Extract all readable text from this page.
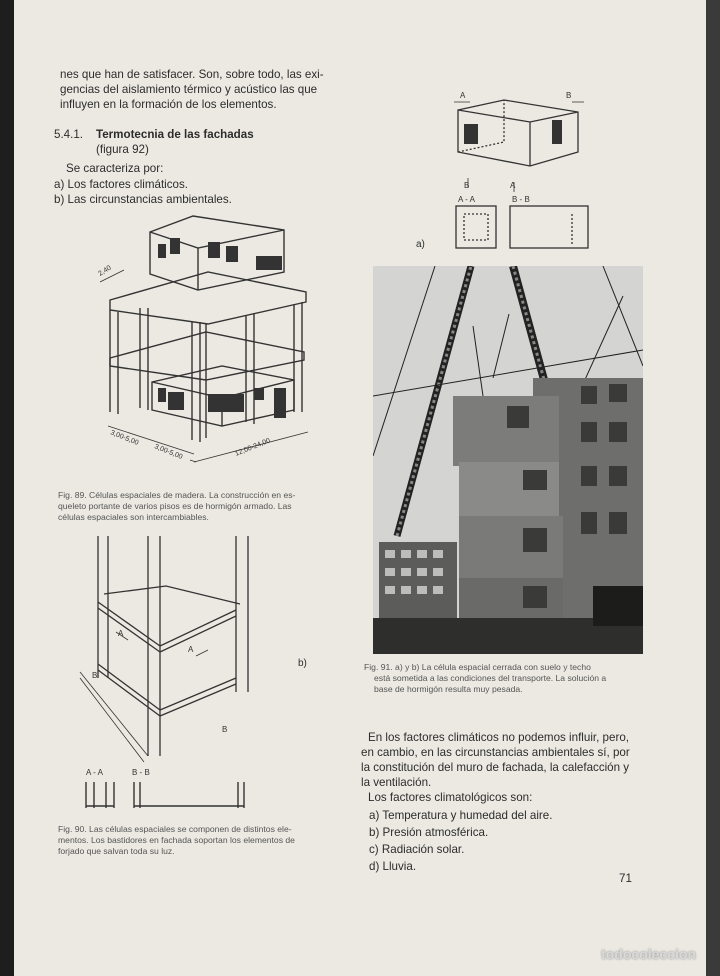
nes que han de satisfacer. Son, sobre todo, las exi-

gencias del aislamiento térmico y acústico las que

influyen en la formación de los elementos.

5.4.1. Termotecnia de las fachadas

(figura 92)

Se caracteriza por:

a) Los factores climáticos.

b) Las circunstancias ambientales.

2,40
3,00-5,00
3,00-5,00	12,00-24,00

Fig. 89. Células espaciales de madera. La construcción en es-

queleto portante de varios pisos es de hormigón armado. Las

células espaciales son intercambiables.

A
A
B
B

b)

A - A	B - B

Fig. 90. Las células espaciales se componen de distintos ele-

mentos. Los bastidores en fachada soportan los elementos de

forjado que salvan toda su luz.

A
A
B
B
A - A	B - B

a)

Fig. 91. a) y b) La célula espacial cerrada con suelo y techo

está sometida a las condiciones del transporte. La solución a

base de hormigón resulta muy pesada.

En los factores climáticos no podemos influir, pero,

en cambio, en las circunstancias ambientales sí, por

la constitución del muro de fachada, la calefacción y

la ventilación.

Los factores climatológicos son:

a) Temperatura y humedad del aire.

b) Presión atmosférica.

c) Radiación solar.

d) Lluvia.

71

todocoleccion
